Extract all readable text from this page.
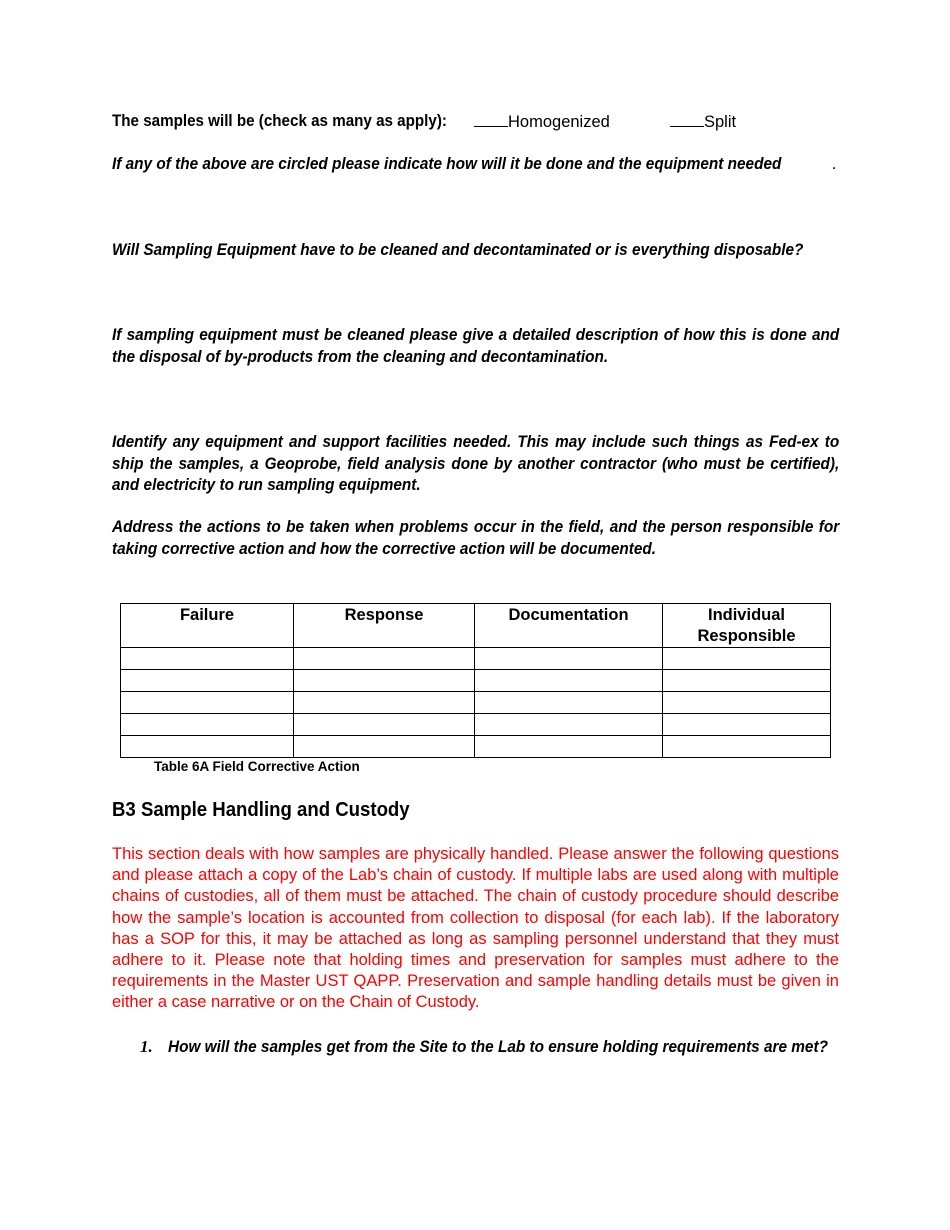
The samples will be (check as many as apply):	Homogenized	Split
If any of the above are circled please indicate how will it be done and the equipment needed	.
Will Sampling Equipment have to be cleaned and decontaminated or is everything disposable?
If sampling equipment must be cleaned please give a detailed description of how this is done and the disposal of by-products from the cleaning and decontamination.
Identify any equipment and support facilities needed. This may include such things as Fed-ex to ship the samples, a Geoprobe, field analysis done by another contractor (who must be certified), and electricity to run sampling equipment.
Address the actions to be taken when problems occur in the field, and the person responsible for taking corrective action and how the corrective action will be documented.
Failure	Response	Documentation	Individual Responsible

Table 6A Field Corrective Action
B3 Sample Handling and Custody
This section deals with how samples are physically handled. Please answer the following questions and please attach a copy of the Lab’s chain of custody. If multiple labs are used along with multiple chains of custodies, all of them must be attached. The chain of custody procedure should describe how the sample’s location is accounted from collection to disposal (for each lab). If the laboratory has a SOP for this, it may be attached as long as sampling personnel understand that they must adhere to it. Please note that holding times and preservation for samples must adhere to the requirements in the Master UST QAPP. Preservation and sample handling details must be given in either a case narrative or on the Chain of Custody.
1. How will the samples get from the Site to the Lab to ensure holding requirements are met?
